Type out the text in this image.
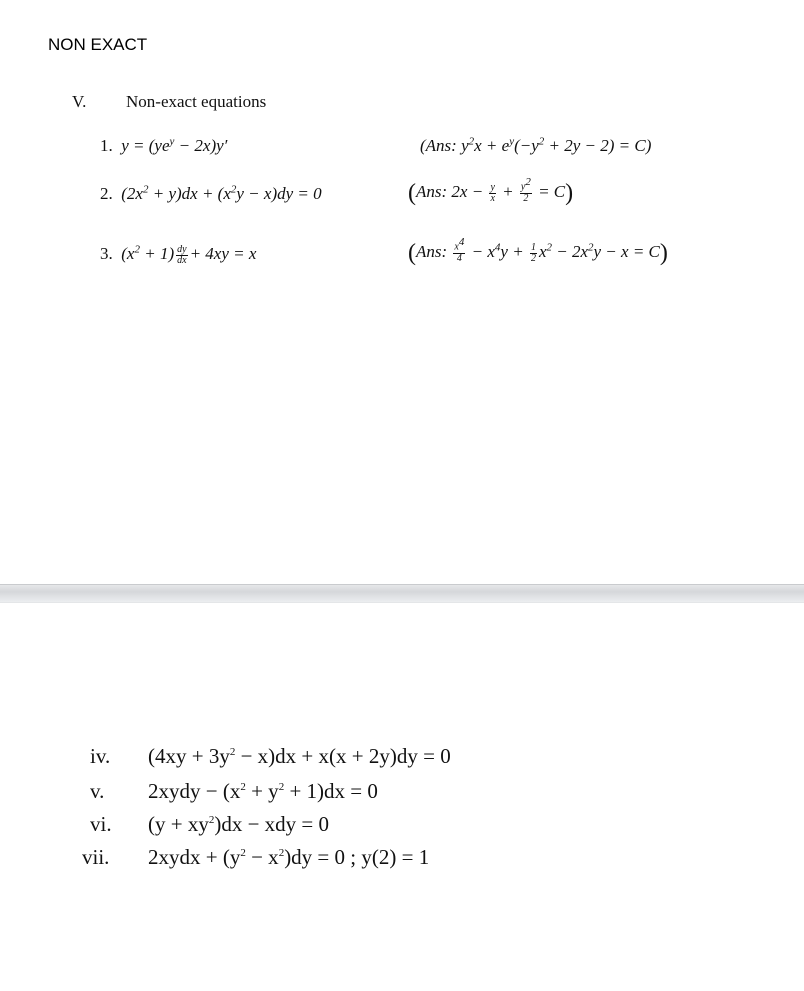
NON EXACT
V. Non-exact equations
1. $y = (ye^y - 2x)y'$	(Ans: $y^2x + e^y(-y^2 + 2y - 2) = C$)
2. $(2x^2 + y)dx + (x^2y - x)dy = 0$	(Ans: $2x - \frac{y}{x} + \frac{y^2}{2} = C$)
3. $(x^2 + 1) \frac{dy}{dx} + 4xy = x$	(Ans: $\frac{x^4}{4} - x^4y + \frac{1}{2} x^2 - 2x^2y - x = C$)
iv. $(4xy + 3y^2 - x)dx + x(x + 2y)dy = 0$
v. 2xydy − $(x^2 + y^2 + 1)dx = 0$
vi. $(y + xy^2)dx$ − xdy = 0
vii. 2xydx + $(y^2 - x^2)dy = 0$ ; y(2) = 1
